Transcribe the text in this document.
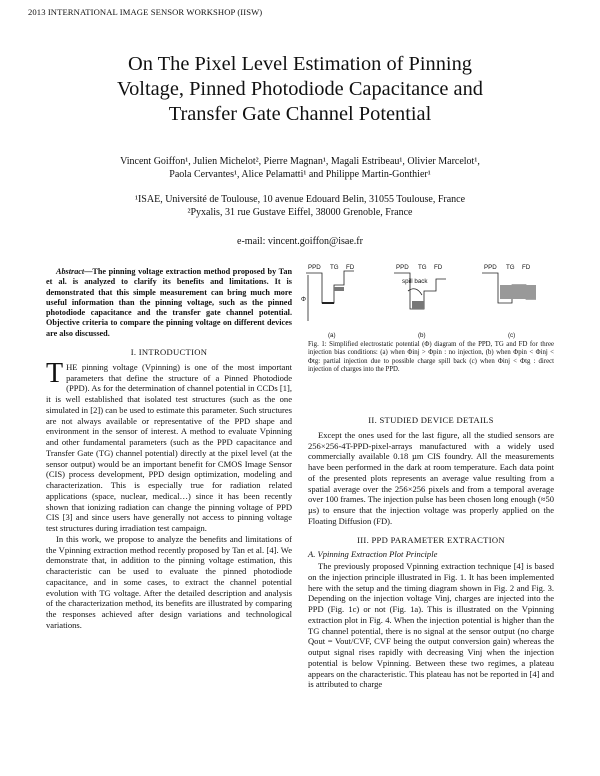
2013 INTERNATIONAL IMAGE SENSOR WORKSHOP (IISW)
On The Pixel Level Estimation of Pinning
Voltage, Pinned Photodiode Capacitance and
Transfer Gate Channel Potential
Vincent Goiffon¹, Julien Michelot², Pierre Magnan¹, Magali Estribeau¹, Olivier Marcelot¹,
Paola Cervantes¹, Alice Pelamatti¹ and Philippe Martin-Gonthier¹
¹ISAE, Université de Toulouse, 10 avenue Edouard Belin, 31055 Toulouse, France
²Pyxalis, 31 rue Gustave Eiffel, 38000 Grenoble, France
e-mail: vincent.goiffon@isae.fr

Abstract—The pinning voltage extraction method proposed by Tan et al. is analyzed to clarify its benefits and limitations. It is demonstrated that this simple measurement can bring much more useful information than the pinning voltage, such as the pinned photodiode capacitance and the transfer gate channel potential. Objective criteria to compare the pinning voltage on different devices are also discussed.

I. INTRODUCTION

THE pinning voltage (Vpinning) is one of the most important parameters that define the structure of a Pinned Photodiode (PPD). As for the determination of channel potential in CCDs [1], it is well established that isolated test structures (such as the one simulated in [2]) can be used to estimate this parameter. Such structures are not always available or representative of the PPD shape and environment in the sensor of interest. A method to evaluate Vpinning and other fundamental parameters (such as the PPD capacitance and Transfer Gate (TG) channel potential) directly at the pixel level (at the sensor output) would be an important benefit for CMOS Image Sensor (CIS) process development, PPD design optimization, modeling and characterization. This is especially true for radiation related applications (space, nuclear, medical…) since it has been recently shown that ionizing radiation can change the pinning voltage of PPD CIS [3] and since users have generally not access to pinning voltage test structures during irradiation test campaign.

In this work, we propose to analyze the benefits and limitations of the Vpinning extraction method recently proposed by Tan et al. [4]. We demonstrate that, in addition to the pinning voltage estimation, this characteristic can be used to evaluate the pinned photodiode capacitance, and in some cases, to extract the channel potential evolution with TG voltage. After the detailed description and analysis of the characterization method, its benefits are illustrated by comparing the responses achieved after design variations and technological variations.

PPD TG FD
Φ
PPD TG FD
spill back
PPD TG FD
(a)	(b)	(c)
Fig. 1: Simplified electrostatic potential (Φ) diagram of the PPD, TG and FD for three injection bias conditions: (a) when Φinj > Φpin : no injection, (b) when Φpin < Φinj < Φtg: partial injection due to possible charge spill back (c) when Φinj < Φtg : direct injection of charges into the PPD.
II. STUDIED DEVICE DETAILS

Except the ones used for the last figure, all the studied sensors are 256×256-4T-PPD-pixel-arrays manufactured with a widely used commercially available 0.18 µm CIS foundry. All the measurements have been performed in the dark at room temperature. Each data point of the presented plots represents an average value resulting from a spatial average over the 256×256 pixels and from a temporal average over 100 frames. The injection pulse has been chosen long enough (≈50 µs) to ensure that the injection voltage was properly applied on the Floating Diffusion (FD).

III. PPD PARAMETER EXTRACTION
A. Vpinning Extraction Plot Principle

The previously proposed Vpinning extraction technique [4] is based on the injection principle illustrated in Fig. 1. It has been implemented here with the setup and the timing diagram shown in Fig. 2 and Fig. 3. Depending on the injection voltage Vinj, charges are injected into the PPD (Fig. 1c) or not (Fig. 1a). This is illustrated on the Vpinning extraction plot in Fig. 4. When the injection potential is higher than the TG channel potential, there is no signal at the sensor output (no charge Qout = Vout/CVF, CVF being the output conversion gain) whereas the output signal rises rapidly with decreasing Vinj when the injection potential is below Vpinning. Between these two regimes, a plateau appears on the characteristic. This plateau has not be reported in [4] and is attributed to charge
